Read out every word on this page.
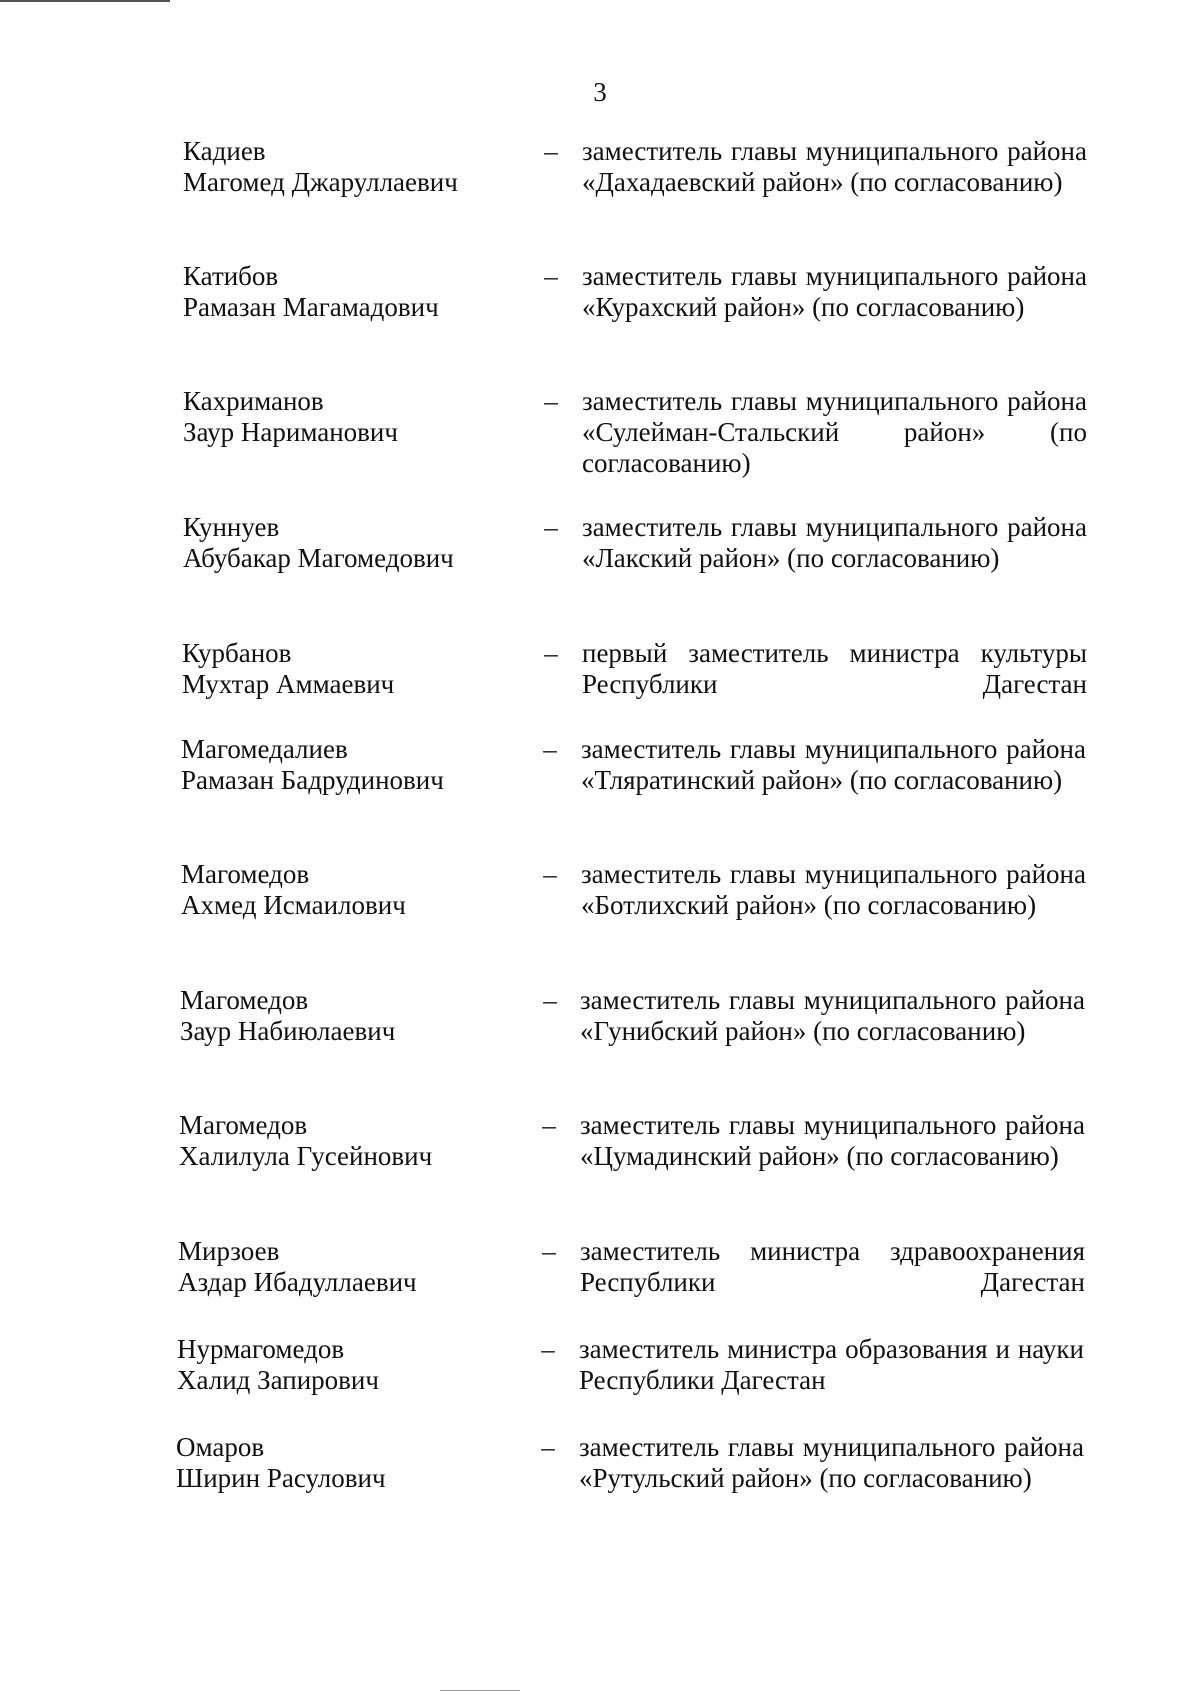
3
Кадиев
Магомед Джаруллаевич
– заместитель главы муниципального района «Дахадаевский район» (по согласованию)
Катибов
Рамазан Магамадович
– заместитель главы муниципального района «Курахский район» (по согласованию)
Кахриманов
Заур Нариманович
– заместитель главы муниципального района «Сулейман-Стальский район» (по согласованию)
Куннуев
Абубакар Магомедович
– заместитель главы муниципального района «Лакский район» (по согласованию)
Курбанов
Мухтар Аммаевич
– первый заместитель министра культуры Республики Дагестан
Магомедалиев
Рамазан Бадрудинович
– заместитель главы муниципального района «Тляратинский район» (по согласованию)
Магомедов
Ахмед Исмаилович
– заместитель главы муниципального района «Ботлихский район» (по согласованию)
Магомедов
Заур Набиюлаевич
– заместитель главы муниципального района «Гунибский район» (по согласованию)
Магомедов
Халилула Гусейнович
– заместитель главы муниципального района «Цумадинский район» (по согласованию)
Мирзоев
Аздар Ибадуллаевич
– заместитель министра здравоохранения Республики Дагестан
Нурмагомедов
Халид Запирович
– заместитель министра образования и науки Республики Дагестан
Омаров
Ширин Расулович
– заместитель главы муниципального района «Рутульский район» (по согласованию)
